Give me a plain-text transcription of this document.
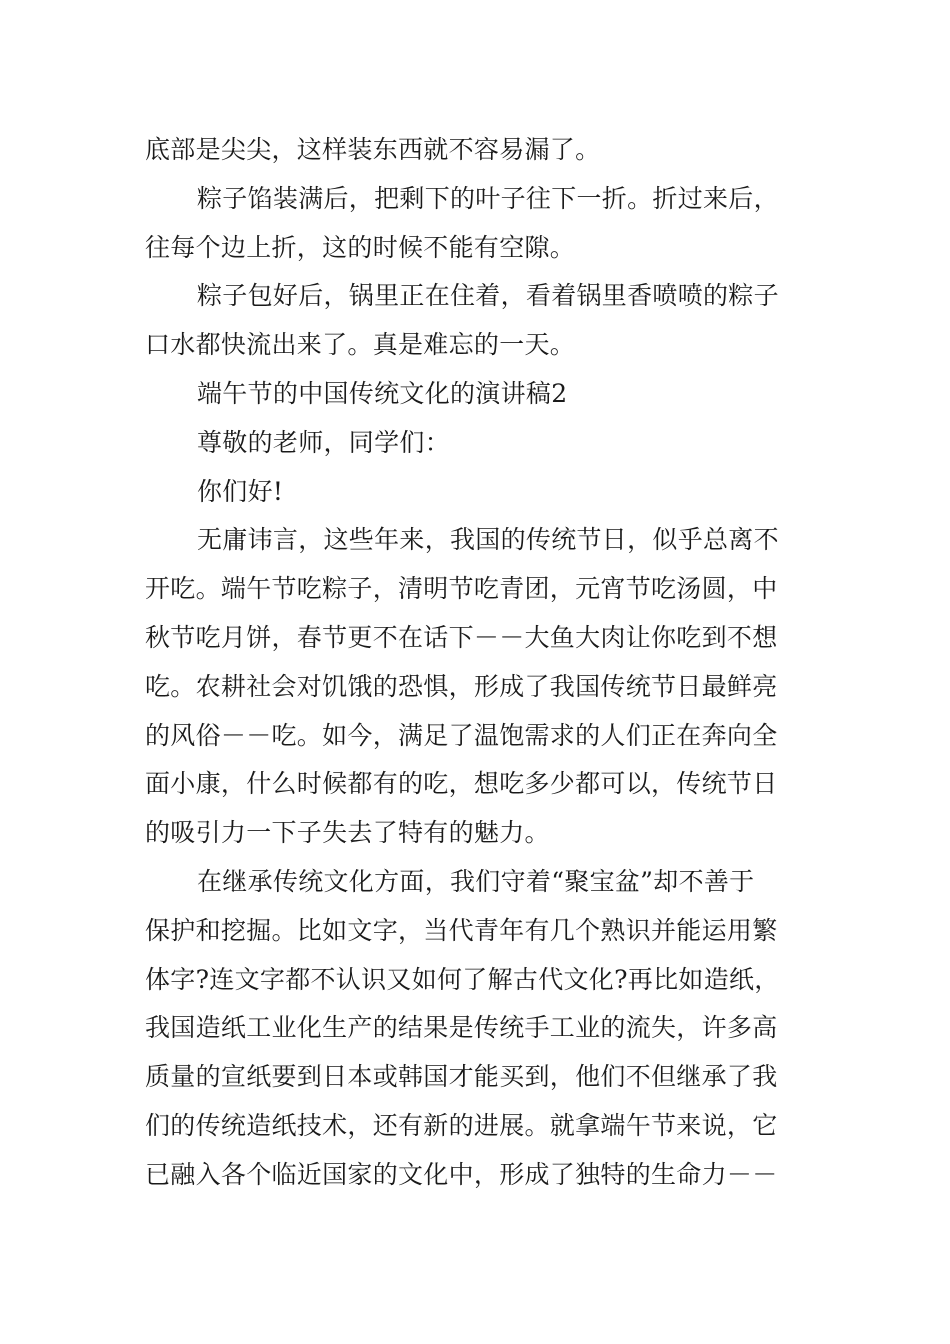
底部是尖尖，这样装东西就不容易漏了。
粽子馅装满后，把剩下的叶子往下一折。折过来后，
往每个边上折，这的时候不能有空隙。
粽子包好后，锅里正在住着，看着锅里香喷喷的粽子
口水都快流出来了。真是难忘的一天。
端午节的中国传统文化的演讲稿2
尊敬的老师，同学们：
你们好!
无庸讳言，这些年来，我国的传统节日，似乎总离不
开吃。端午节吃粽子，清明节吃青团，元宵节吃汤圆，中
秋节吃月饼，春节更不在话下－－大鱼大肉让你吃到不想
吃。农耕社会对饥饿的恐惧，形成了我国传统节日最鲜亮
的风俗－－吃。如今，满足了温饱需求的人们正在奔向全
面小康，什么时候都有的吃，想吃多少都可以，传统节日
的吸引力一下子失去了特有的魅力。
在继承传统文化方面，我们守着“聚宝盆”却不善于
保护和挖掘。比如文字，当代青年有几个熟识并能运用繁
体字?连文字都不认识又如何了解古代文化?再比如造纸，
我国造纸工业化生产的结果是传统手工业的流失，许多高
质量的宣纸要到日本或韩国才能买到，他们不但继承了我
们的传统造纸技术，还有新的进展。就拿端午节来说，它
已融入各个临近国家的文化中，形成了独特的生命力－－
